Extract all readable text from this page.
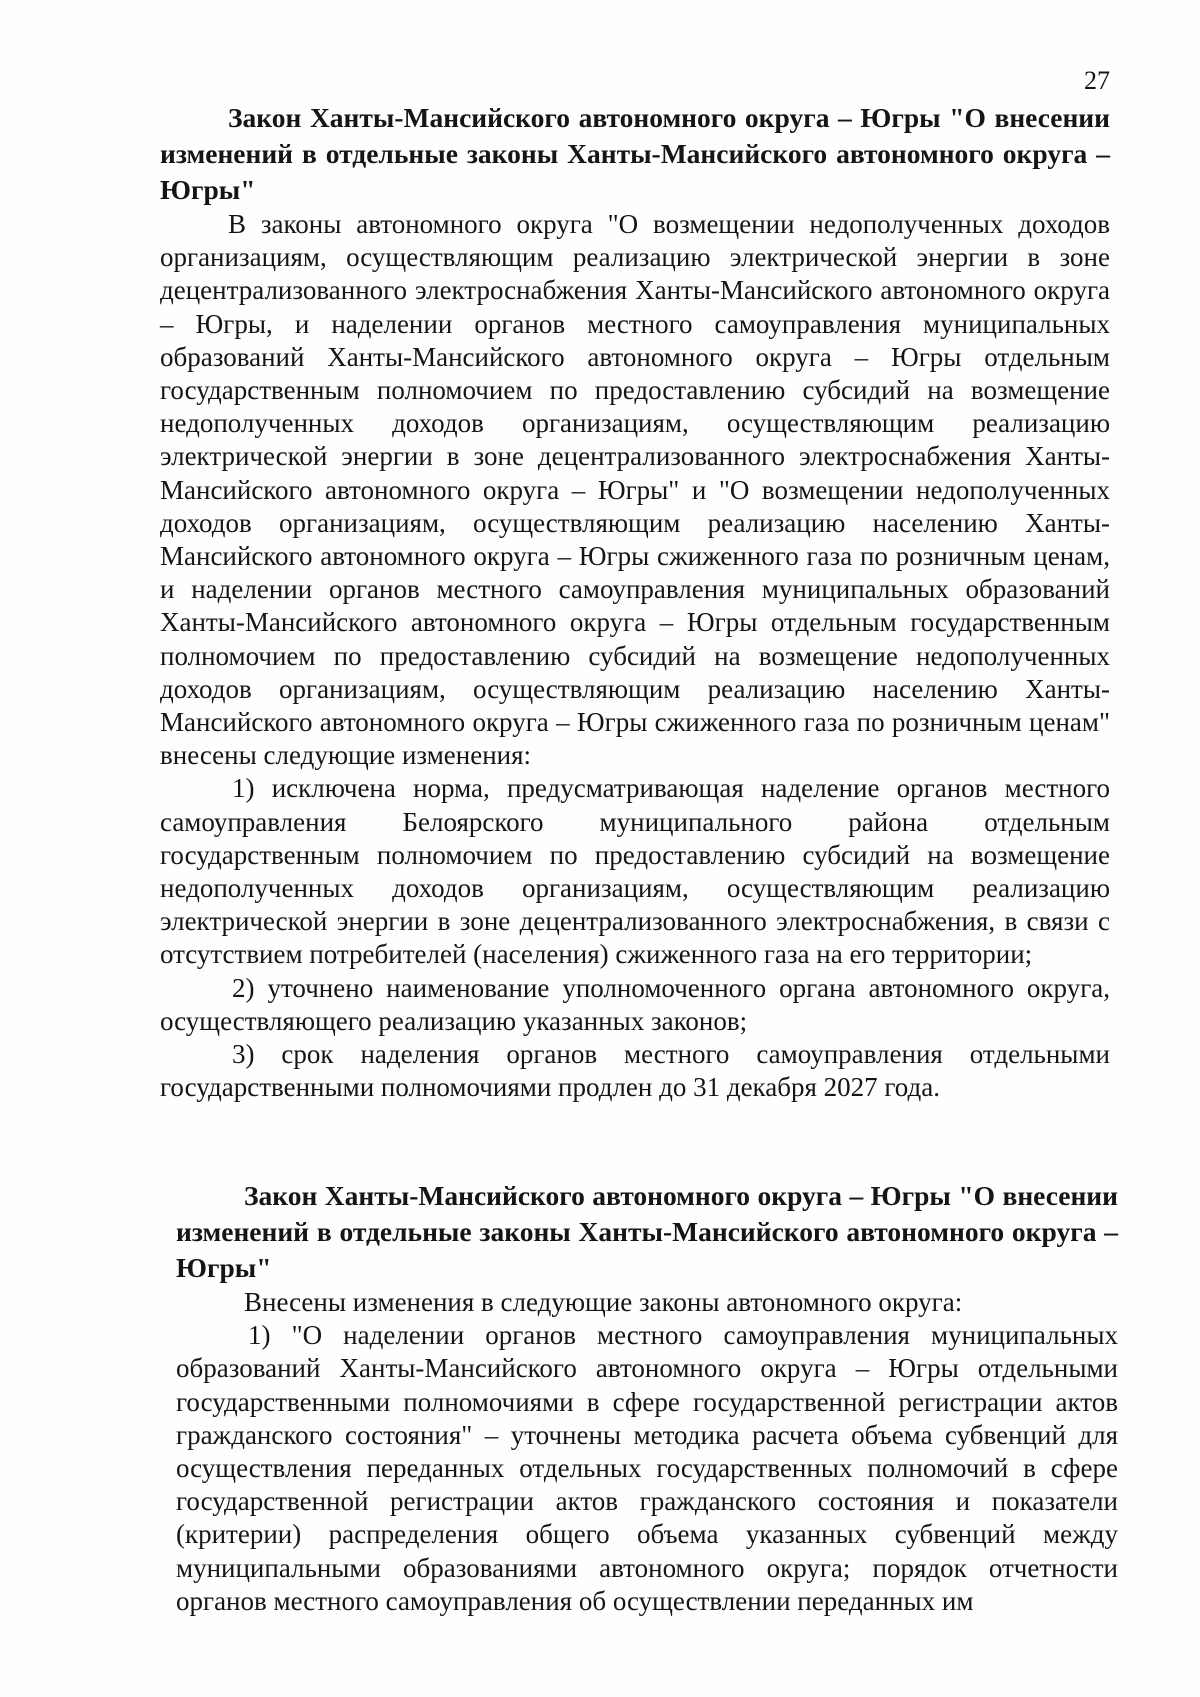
27

Закон Ханты-Мансийского автономного округа – Югры "О внесении изменений в отдельные законы Ханты-Мансийского автономного округа – Югры"

В законы автономного округа "О возмещении недополученных доходов организациям, осуществляющим реализацию электрической энергии в зоне децентрализованного электроснабжения Ханты-Мансийского автономного округа – Югры, и наделении органов местного самоуправления муниципальных образований Ханты-Мансийского автономного округа – Югры отдельным государственным полномочием по предоставлению субсидий на возмещение недополученных доходов организациям, осуществляющим реализацию электрической энергии в зоне децентрализованного электроснабжения Ханты-Мансийского автономного округа – Югры" и "О возмещении недополученных доходов организациям, осуществляющим реализацию населению Ханты-Мансийского автономного округа – Югры сжиженного газа по розничным ценам, и наделении органов местного самоуправления муниципальных образований Ханты-Мансийского автономного округа – Югры отдельным государственным полномочием по предоставлению субсидий на возмещение недополученных доходов организациям, осуществляющим реализацию населению Ханты-Мансийского автономного округа – Югры сжиженного газа по розничным ценам" внесены следующие изменения:

1) исключена норма, предусматривающая наделение органов местного самоуправления Белоярского муниципального района отдельным государственным полномочием по предоставлению субсидий на возмещение недополученных доходов организациям, осуществляющим реализацию электрической энергии в зоне децентрализованного электроснабжения, в связи с отсутствием потребителей (населения) сжиженного газа на его территории;

2) уточнено наименование уполномоченного органа автономного округа, осуществляющего реализацию указанных законов;

3) срок наделения органов местного самоуправления отдельными государственными полномочиями продлен до 31 декабря 2027 года.

Закон Ханты-Мансийского автономного округа – Югры "О внесении изменений в отдельные законы Ханты-Мансийского автономного округа – Югры"

Внесены изменения в следующие законы автономного округа:

1) "О наделении органов местного самоуправления муниципальных образований Ханты-Мансийского автономного округа – Югры отдельными государственными полномочиями в сфере государственной регистрации актов гражданского состояния" – уточнены методика расчета объема субвенций для осуществления переданных отдельных государственных полномочий в сфере государственной регистрации актов гражданского состояния и показатели (критерии) распределения общего объема указанных субвенций между муниципальными образованиями автономного округа; порядок отчетности органов местного самоуправления об осуществлении переданных им
